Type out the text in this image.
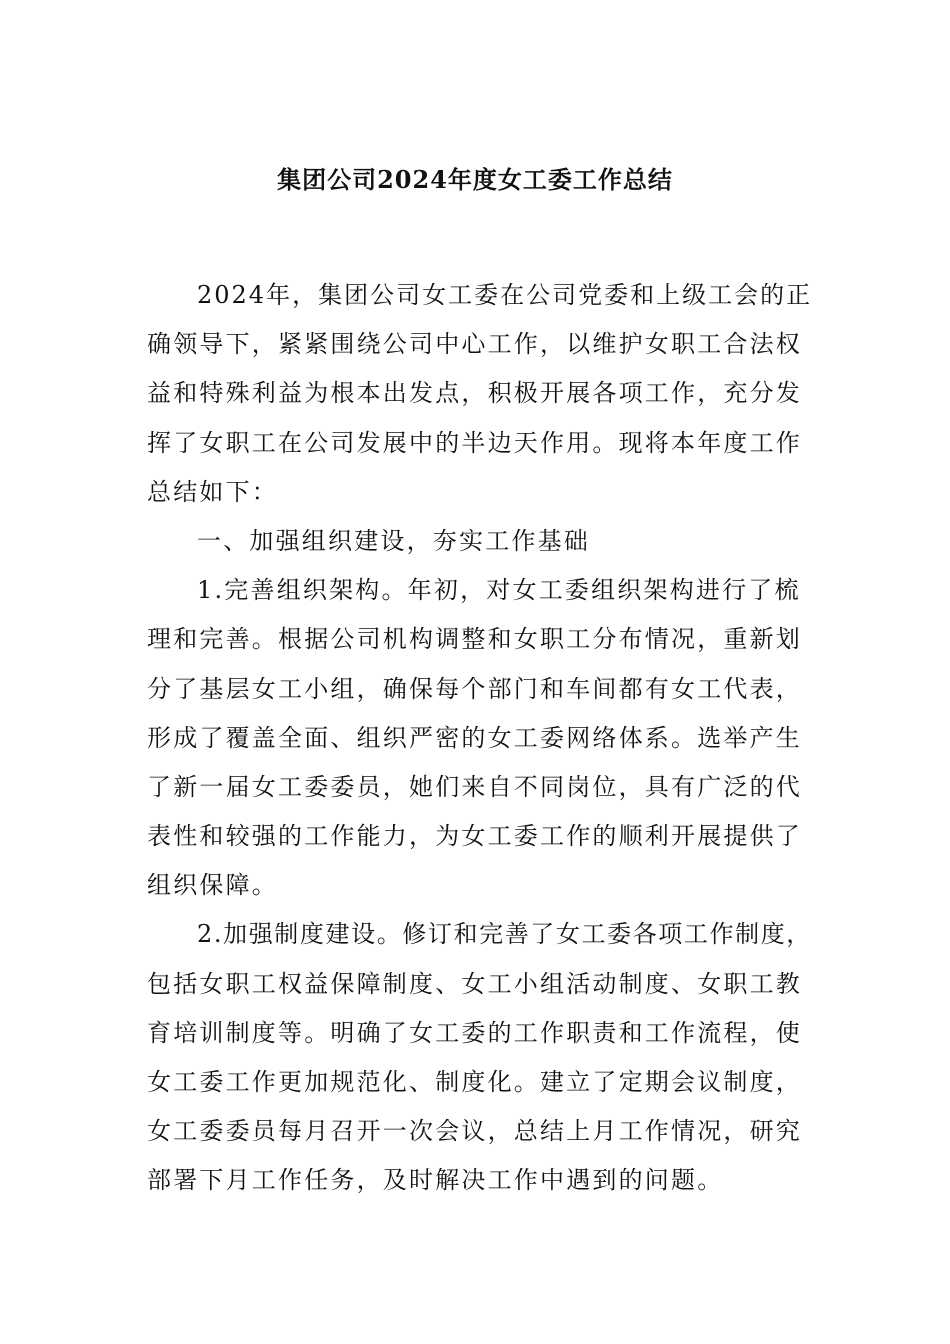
集团公司2024年度女工委工作总结
2024年，集团公司女工委在公司党委和上级工会的正
确领导下，紧紧围绕公司中心工作，以维护女职工合法权
益和特殊利益为根本出发点，积极开展各项工作，充分发
挥了女职工在公司发展中的半边天作用。现将本年度工作
总结如下：
一、加强组织建设，夯实工作基础
1.完善组织架构。年初，对女工委组织架构进行了梳
理和完善。根据公司机构调整和女职工分布情况，重新划
分了基层女工小组，确保每个部门和车间都有女工代表，
形成了覆盖全面、组织严密的女工委网络体系。选举产生
了新一届女工委委员，她们来自不同岗位，具有广泛的代
表性和较强的工作能力，为女工委工作的顺利开展提供了
组织保障。
2.加强制度建设。修订和完善了女工委各项工作制度，
包括女职工权益保障制度、女工小组活动制度、女职工教
育培训制度等。明确了女工委的工作职责和工作流程，使
女工委工作更加规范化、制度化。建立了定期会议制度，
女工委委员每月召开一次会议，总结上月工作情况，研究
部署下月工作任务，及时解决工作中遇到的问题。
